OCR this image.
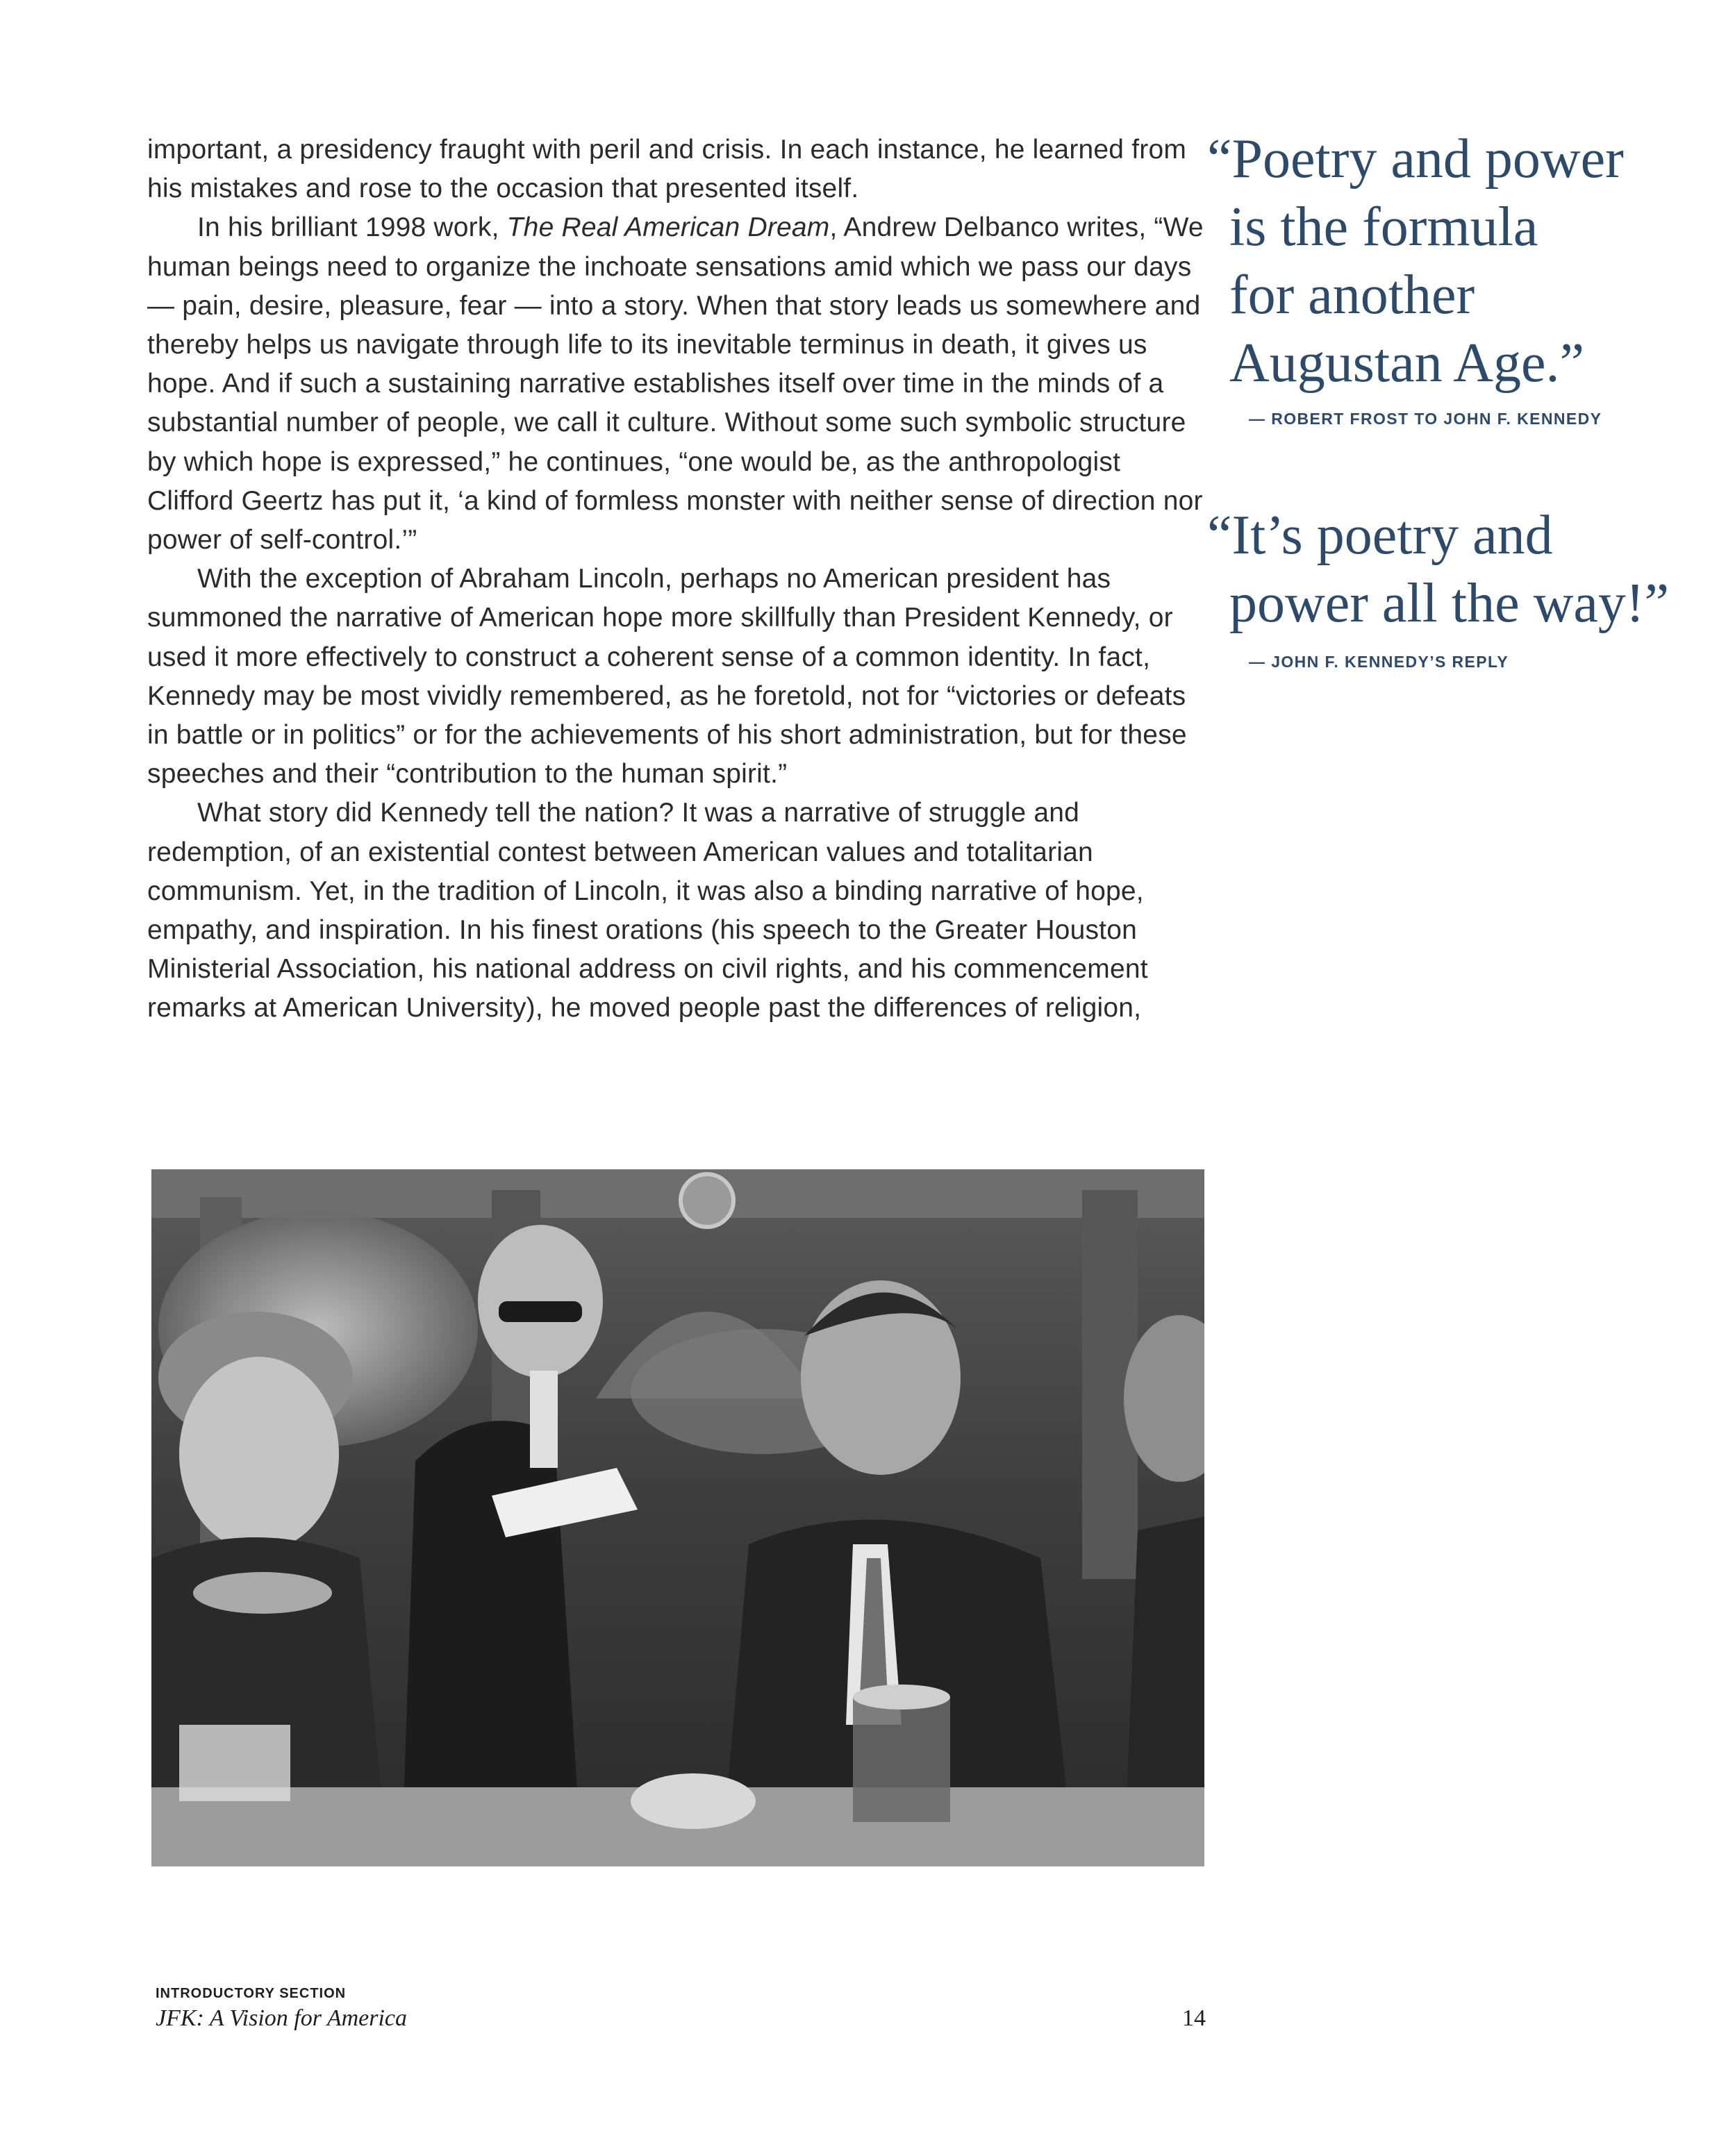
important, a presidency fraught with peril and crisis. In each instance, he learned from his mistakes and rose to the occasion that presented itself.

In his brilliant 1998 work, The Real American Dream, Andrew Delbanco writes, “We human beings need to organize the inchoate sensations amid which we pass our days — pain, desire, pleasure, fear — into a story. When that story leads us somewhere and thereby helps us navigate through life to its inevitable terminus in death, it gives us hope. And if such a sustaining narrative establishes itself over time in the minds of a substantial number of people, we call it culture. Without some such symbolic structure by which hope is expressed,” he continues, “one would be, as the anthropologist Clifford Geertz has put it, ‘a kind of formless monster with neither sense of direction nor power of self-control.’”

With the exception of Abraham Lincoln, perhaps no American president has summoned the narrative of American hope more skillfully than President Kennedy, or used it more effectively to construct a coherent sense of a common identity. In fact, Kennedy may be most vividly remembered, as he foretold, not for “victories or defeats in battle or in politics” or for the achievements of his short administration, but for these speeches and their “contribution to the human spirit.”

What story did Kennedy tell the nation? It was a narrative of struggle and redemption, of an existential contest between American values and totalitarian communism. Yet, in the tradition of Lincoln, it was also a binding narrative of hope, empathy, and inspiration. In his finest orations (his speech to the Greater Houston Ministerial Association, his national address on civil rights, and his commencement remarks at American University), he moved people past the differences of religion,

“Poetry and power
is the formula
for another
Augustan Age.”

— ROBERT FROST TO JOHN F. KENNEDY

“It’s poetry and
power all the way!”

— JOHN F. KENNEDY’S REPLY

INTRODUCTORY SECTION
JFK: A Vision for America	14
